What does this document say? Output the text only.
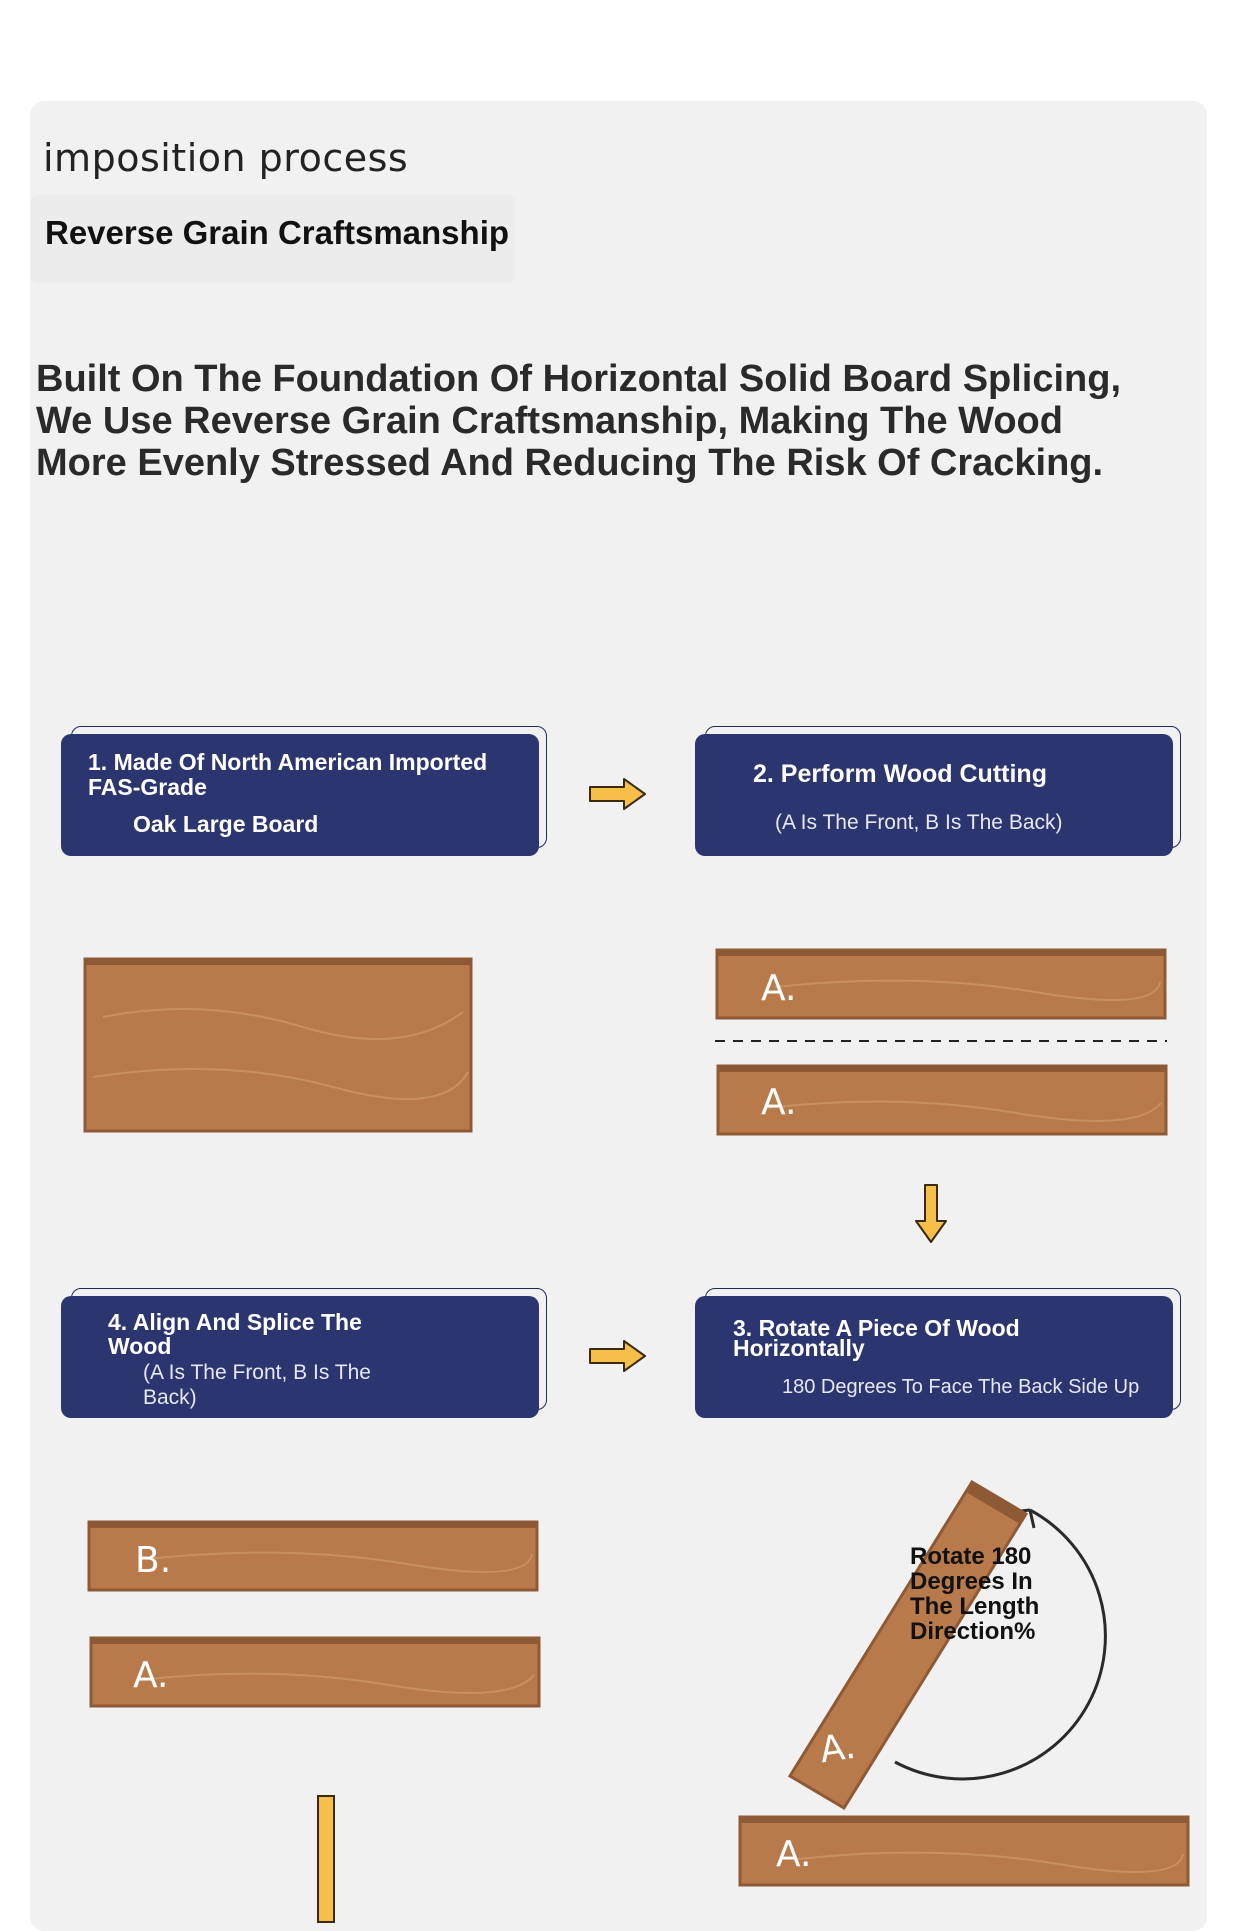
imposition process
Reverse Grain Craftsmanship
Built On The Foundation Of Horizontal Solid Board Splicing, We Use Reverse Grain Craftsmanship, Making The Wood More Evenly Stressed And Reducing The Risk Of Cracking.
1. Made Of North American Imported
FAS-Grade
Oak Large Board
2. Perform Wood Cutting
(A Is The Front, B Is The Back)
4. Align And Splice The
Wood
(A Is The Front, B Is The
Back)
3. Rotate A Piece Of Wood
Horizontally
180 Degrees To Face The Back Side Up
A.
A.
B.
A.
A.
A.
Rotate 180 Degrees In The Length Direction%
